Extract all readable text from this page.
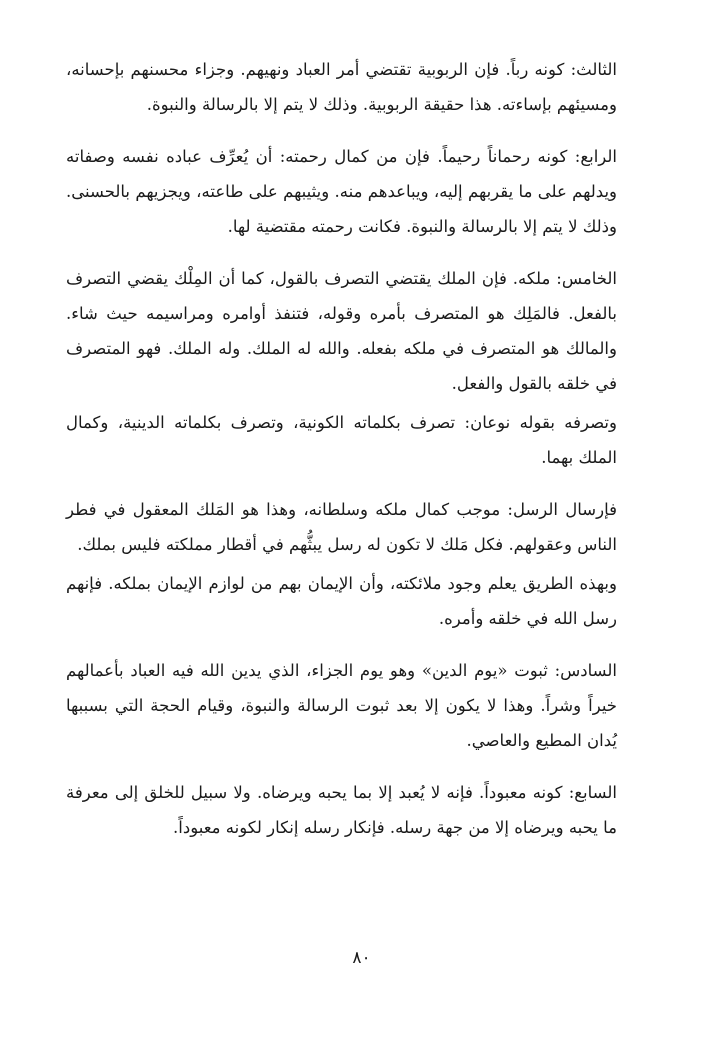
الثالث: كونه رباً. فإن الربوبية تقتضي أمر العباد ونهيهم. وجزاء محسنهم بإحسانه، ومسيئهم بإساءته. هذا حقيقة الربوبية. وذلك لا يتم إلا بالرسالة والنبوة.

الرابع: كونه رحماناً رحيماً. فإن من كمال رحمته: أن يُعرِّف عباده نفسه وصفاته ويدلهم على ما يقربهم إليه، ويباعدهم منه. ويثيبهم على طاعته، ويجزيهم بالحسنى. وذلك لا يتم إلا بالرسالة والنبوة. فكانت رحمته مقتضية لها.

الخامس: ملكه. فإن الملك يقتضي التصرف بالقول، كما أن المِلْك يقضي التصرف بالفعل. فالمَلِك هو المتصرف بأمره وقوله، فتنفذ أوامره ومراسيمه حيث شاء. والمالك هو المتصرف في ملكه بفعله. والله له الملك. وله الملك. فهو المتصرف في خلقه بالقول والفعل.

وتصرفه بقوله نوعان: تصرف بكلماته الكونية، وتصرف بكلماته الدينية، وكمال الملك بهما.

فإرسال الرسل: موجب كمال ملكه وسلطانه، وهذا هو المَلك المعقول في فطر الناس وعقولهم. فكل مَلك لا تكون له رسل يبثُّهم في أقطار مملكته فليس بملك.

وبهذه الطريق يعلم وجود ملائكته، وأن الإيمان بهم من لوازم الإيمان بملكه. فإنهم رسل الله في خلقه وأمره.

السادس: ثبوت «يوم الدين» وهو يوم الجزاء، الذي يدين الله فيه العباد بأعمالهم خيراً وشراً. وهذا لا يكون إلا بعد ثبوت الرسالة والنبوة، وقيام الحجة التي بسببها يُدان المطيع والعاصي.

السابع: كونه معبوداً. فإنه لا يُعبد إلا بما يحبه ويرضاه. ولا سبيل للخلق إلى معرفة ما يحبه ويرضاه إلا من جهة رسله. فإنكار رسله إنكار لكونه معبوداً.

٨٠
